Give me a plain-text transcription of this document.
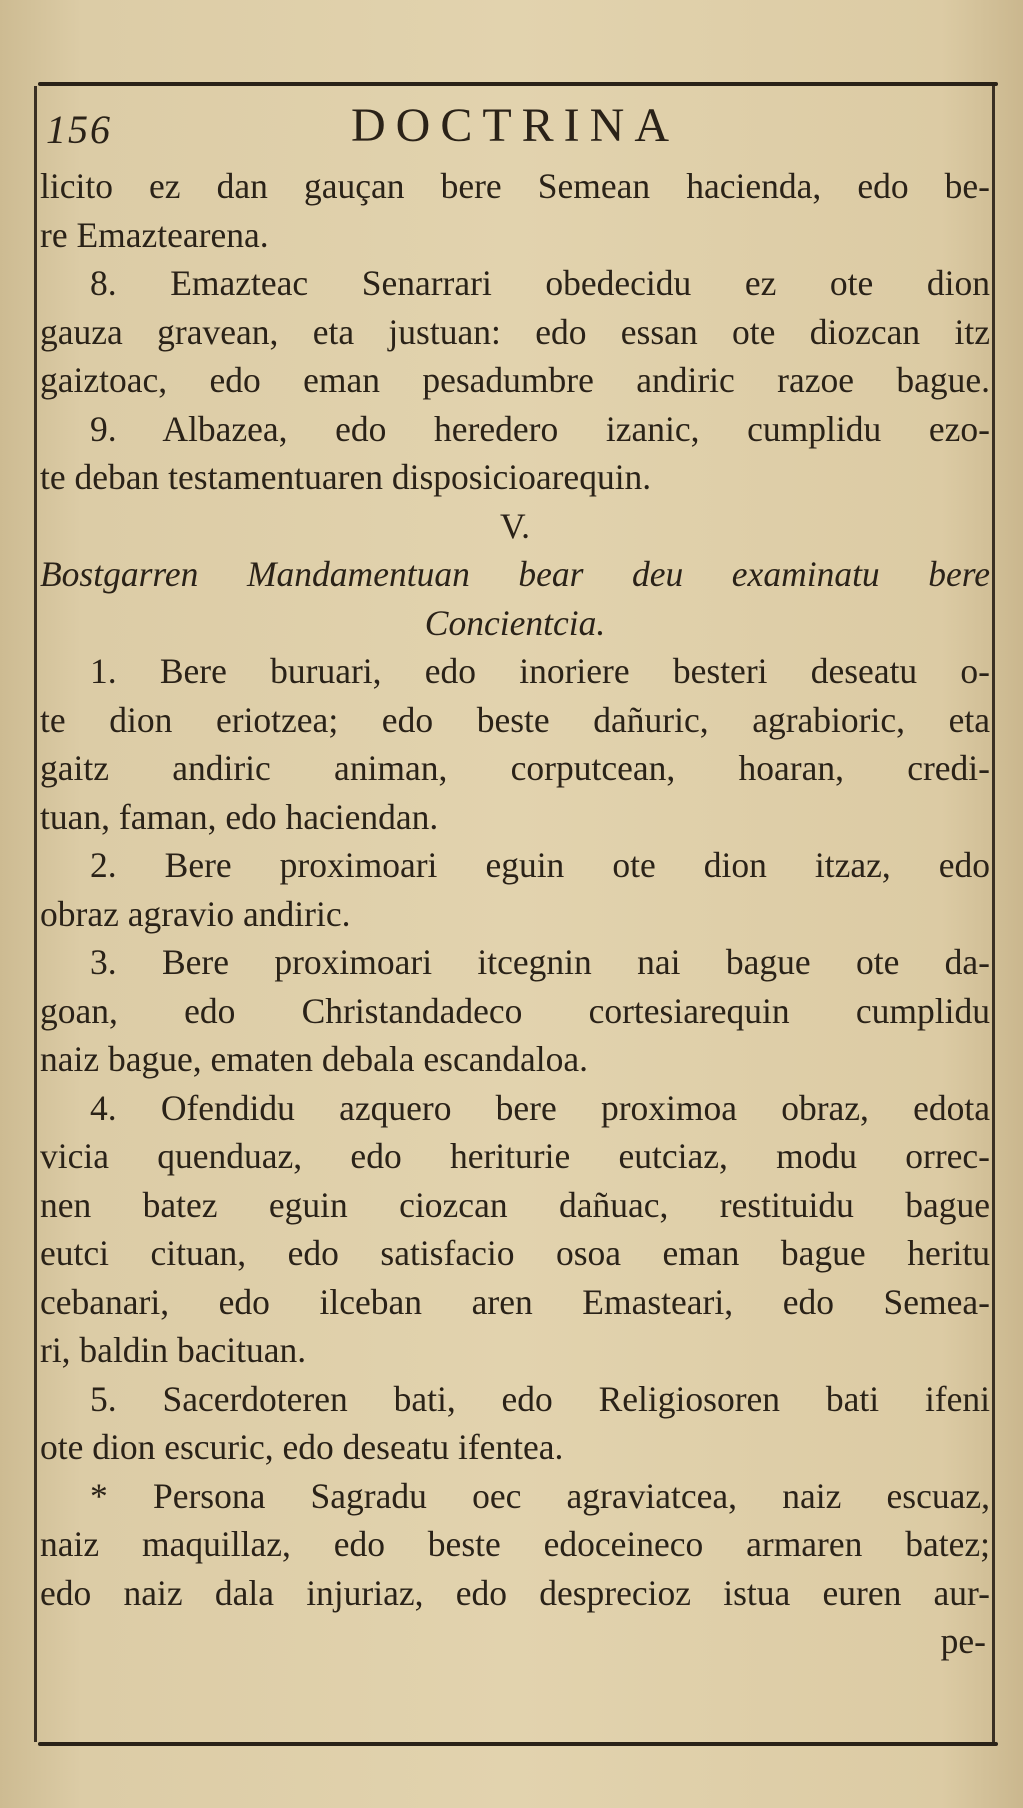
156	DOCTRINA
licito ez dan gauçan bere Semean hacienda, edo be-
re Emaztearena.
8. Emazteac Senarrari obedecidu ez ote dion
gauza gravean, eta justuan: edo essan ote diozcan itz
gaiztoac, edo eman pesadumbre andiric razoe bague.
9. Albazea, edo heredero izanic, cumplidu ezo-
te deban testamentuaren disposicioarequin.
V.
Bostgarren Mandamentuan bear deu examinatu bere
Concientcia.
1. Bere buruari, edo inoriere besteri deseatu o-
te dion eriotzea; edo beste dañuric, agrabioric, eta
gaitz andiric animan, corputcean, hoaran, credi-
tuan, faman, edo haciendan.
2. Bere proximoari eguin ote dion itzaz, edo
obraz agravio andiric.
3. Bere proximoari itcegnin nai bague ote da-
goan, edo Christandadeco cortesiarequin cumplidu
naiz bague, ematen debala escandaloa.
4. Ofendidu azquero bere proximoa obraz, edota
vicia quenduaz, edo heriturie eutciaz, modu orrec-
nen batez eguin ciozcan dañuac, restituidu bague
eutci cituan, edo satisfacio osoa eman bague heritu
cebanari, edo ilceban aren Emasteari, edo Semea-
ri, baldin bacituan.
5. Sacerdoteren bati, edo Religiosoren bati ifeni
ote dion escuric, edo deseatu ifentea.
* Persona Sagradu oec agraviatcea, naiz escuaz,
naiz maquillaz, edo beste edoceineco armaren batez;
edo naiz dala injuriaz, edo desprecioz istua euren aur-
pe-
